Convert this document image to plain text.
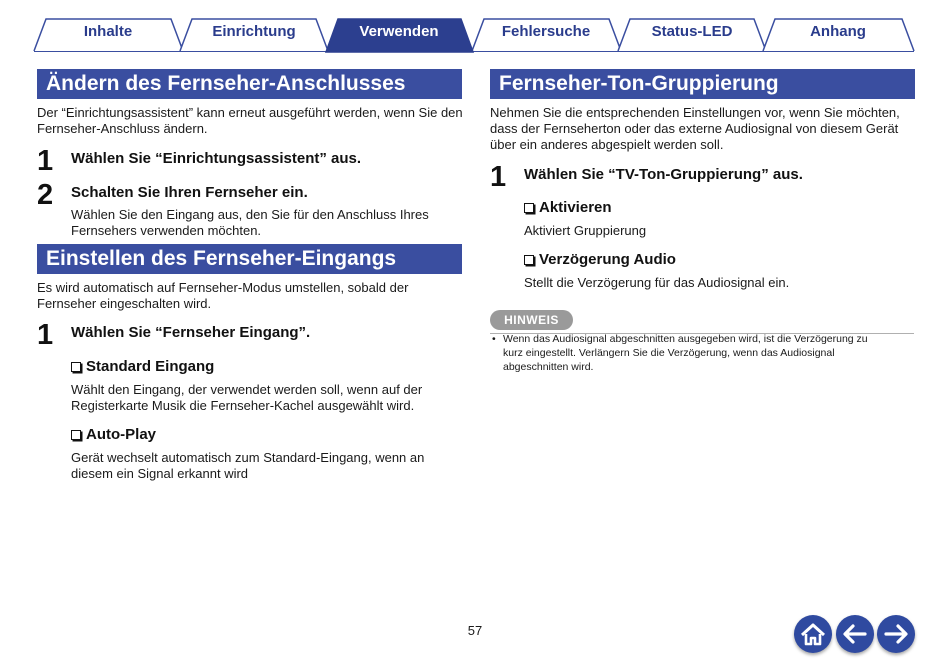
Inhalte	Einrichtung	Verwenden	Fehlersuche	Status-LED	Anhang
Ändern des Fernseher-Anschlusses
Der “Einrichtungsassistent” kann erneut ausgeführt werden, wenn Sie den
Fernseher-Anschluss ändern.
1 Wählen Sie “Einrichtungsassistent” aus.
2 Schalten Sie Ihren Fernseher ein.
Wählen Sie den Eingang aus, den Sie für den Anschluss Ihres
Fernsehers verwenden möchten.
Einstellen des Fernseher-Eingangs
Es wird automatisch auf Fernseher-Modus umstellen, sobald der
Fernseher eingeschalten wird.
1 Wählen Sie “Fernseher Eingang”.
Standard Eingang
Wählt den Eingang, der verwendet werden soll, wenn auf der
Registerkarte Musik die Fernseher-Kachel ausgewählt wird.
Auto-Play
Gerät wechselt automatisch zum Standard-Eingang, wenn an
diesem ein Signal erkannt wird
Fernseher-Ton-Gruppierung
Nehmen Sie die entsprechenden Einstellungen vor, wenn Sie möchten,
dass der Fernseherton oder das externe Audiosignal von diesem Gerät
über ein anderes abgespielt werden soll.
1 Wählen Sie “TV-Ton-Gruppierung” aus.
Aktivieren
Aktiviert Gruppierung
Verzögerung Audio
Stellt die Verzögerung für das Audiosignal ein.
HINWEIS
• Wenn das Audiosignal abgeschnitten ausgegeben wird, ist die Verzögerung zu
kurz eingestellt. Verlängern Sie die Verzögerung, wenn das Audiosignal
abgeschnitten wird.
57
